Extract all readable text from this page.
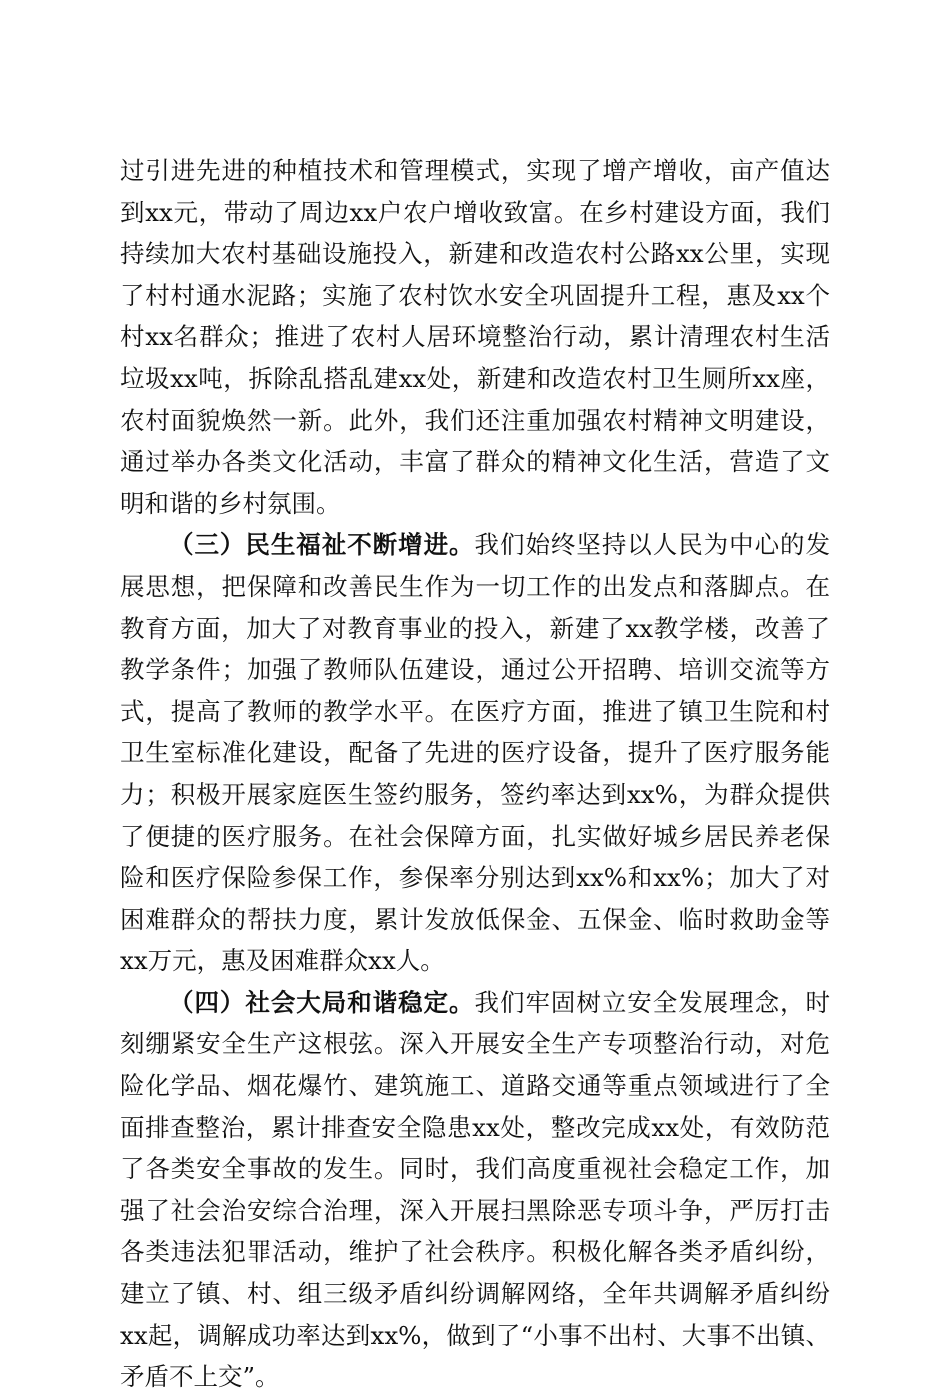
过引进先进的种植技术和管理模式，实现了增产增收，亩产值达到xx元，带动了周边xx户农户增收致富。在乡村建设方面，我们持续加大农村基础设施投入，新建和改造农村公路xx公里，实现了村村通水泥路；实施了农村饮水安全巩固提升工程，惠及xx个村xx名群众；推进了农村人居环境整治行动，累计清理农村生活垃圾xx吨，拆除乱搭乱建xx处，新建和改造农村卫生厕所xx座，农村面貌焕然一新。此外，我们还注重加强农村精神文明建设，通过举办各类文化活动，丰富了群众的精神文化生活，营造了文明和谐的乡村氛围。

（三）民生福祉不断增进。我们始终坚持以人民为中心的发展思想，把保障和改善民生作为一切工作的出发点和落脚点。在教育方面，加大了对教育事业的投入，新建了xx教学楼，改善了教学条件；加强了教师队伍建设，通过公开招聘、培训交流等方式，提高了教师的教学水平。在医疗方面，推进了镇卫生院和村卫生室标准化建设，配备了先进的医疗设备，提升了医疗服务能力；积极开展家庭医生签约服务，签约率达到xx%，为群众提供了便捷的医疗服务。在社会保障方面，扎实做好城乡居民养老保险和医疗保险参保工作，参保率分别达到xx%和xx%；加大了对困难群众的帮扶力度，累计发放低保金、五保金、临时救助金等xx万元，惠及困难群众xx人。

（四）社会大局和谐稳定。我们牢固树立安全发展理念，时刻绷紧安全生产这根弦。深入开展安全生产专项整治行动，对危险化学品、烟花爆竹、建筑施工、道路交通等重点领域进行了全面排查整治，累计排查安全隐患xx处，整改完成xx处，有效防范了各类安全事故的发生。同时，我们高度重视社会稳定工作，加强了社会治安综合治理，深入开展扫黑除恶专项斗争，严厉打击各类违法犯罪活动，维护了社会秩序。积极化解各类矛盾纠纷，建立了镇、村、组三级矛盾纠纷调解网络，全年共调解矛盾纠纷xx起，调解成功率达到xx%，做到了“小事不出村、大事不出镇、矛盾不上交”。
